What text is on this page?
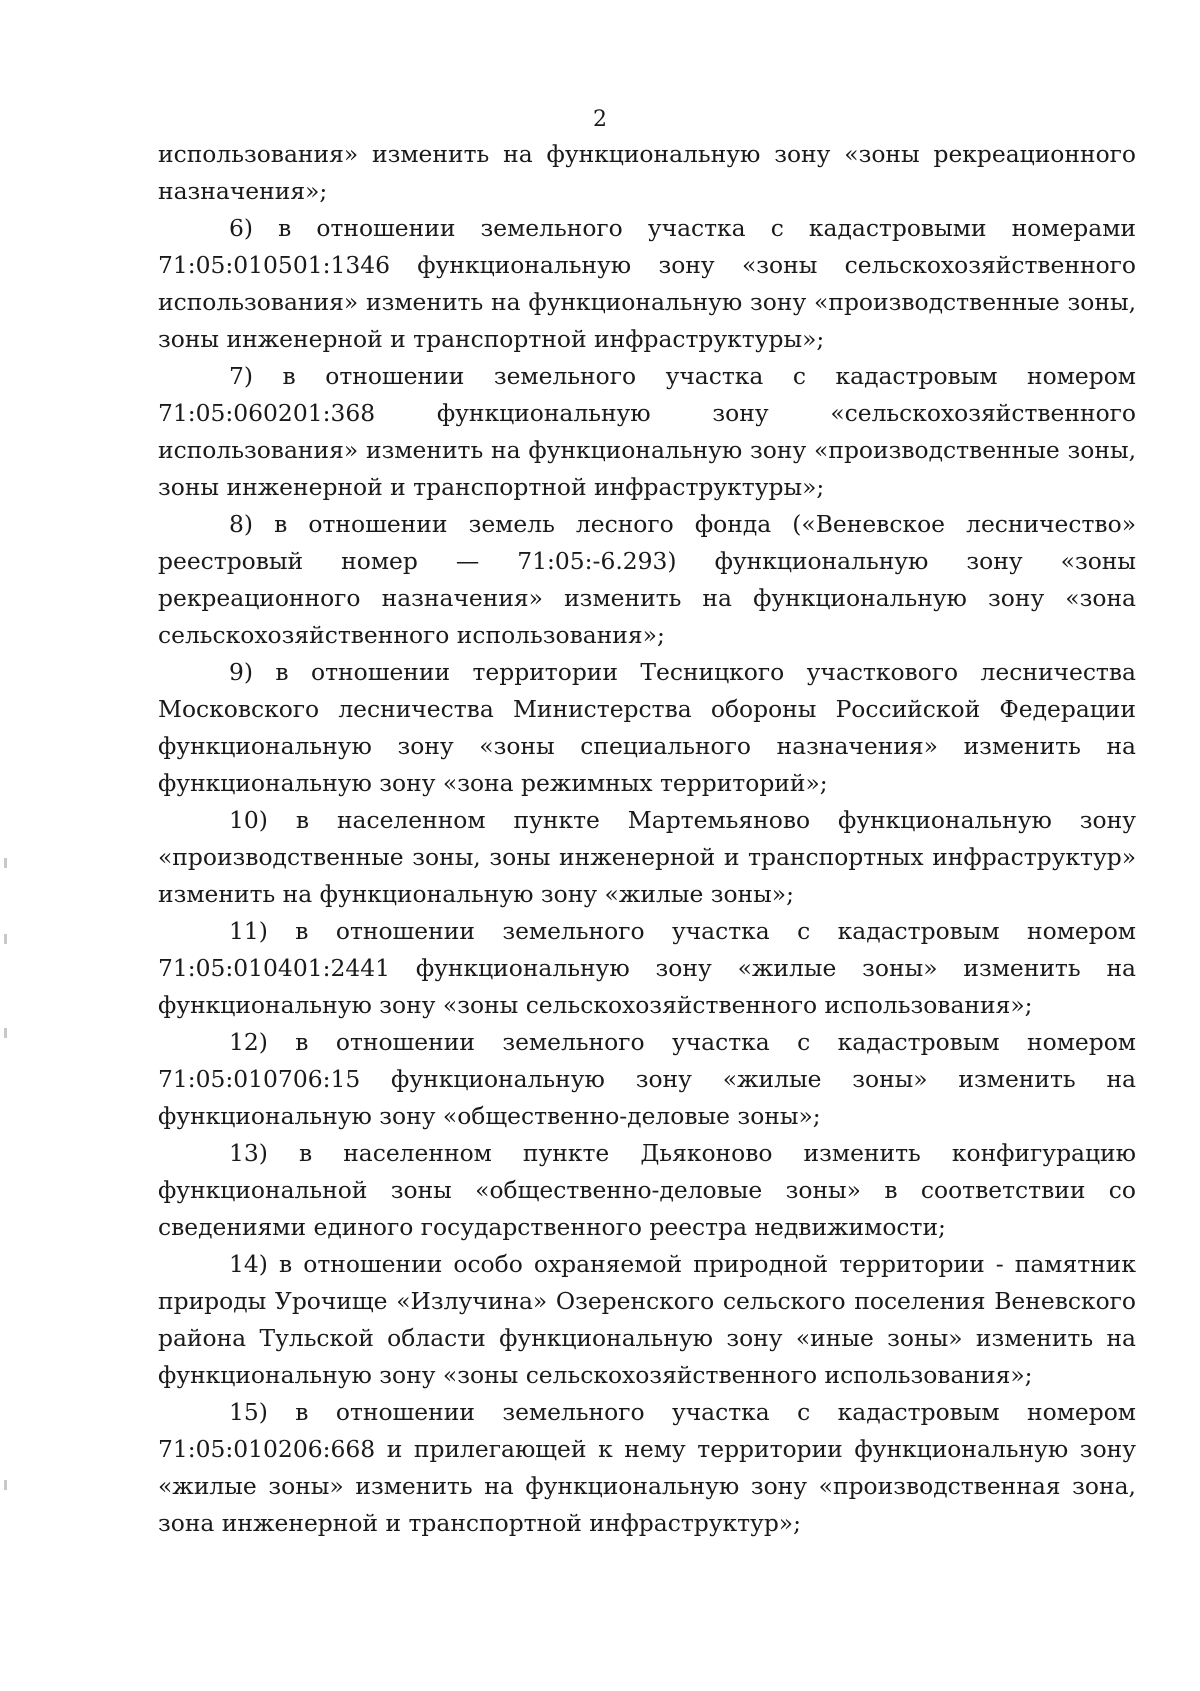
2

использования» изменить на функциональную зону «зоны рекреационного назначения»;

6) в отношении земельного участка с кадастровыми номерами 71:05:010501:1346 функциональную зону «зоны сельскохозяйственного использования» изменить на функциональную зону «производственные зоны, зоны инженерной и транспортной инфраструктуры»;

7) в отношении земельного участка с кадастровым номером 71:05:060201:368 функциональную зону «сельскохозяйственного использования» изменить на функциональную зону «производственные зоны, зоны инженерной и транспортной инфраструктуры»;

8) в отношении земель лесного фонда («Веневское лесничество» реестровый номер — 71:05:-6.293) функциональную зону «зоны рекреационного назначения» изменить на функциональную зону «зона сельскохозяйственного использования»;

9) в отношении территории Тесницкого участкового лесничества Московского лесничества Министерства обороны Российской Федерации функциональную зону «зоны специального назначения» изменить на функциональную зону «зона режимных территорий»;

10) в населенном пункте Мартемьяново функциональную зону «производственные зоны, зоны инженерной и транспортных инфраструктур» изменить на функциональную зону «жилые зоны»;

11) в отношении земельного участка с кадастровым номером 71:05:010401:2441 функциональную зону «жилые зоны» изменить на функциональную зону «зоны сельскохозяйственного использования»;

12) в отношении земельного участка с кадастровым номером 71:05:010706:15 функциональную зону «жилые зоны» изменить на функциональную зону «общественно-деловые зоны»;

13) в населенном пункте Дьяконово изменить конфигурацию функциональной зоны «общественно-деловые зоны» в соответствии со сведениями единого государственного реестра недвижимости;

14) в отношении особо охраняемой природной территории - памятник природы Урочище «Излучина» Озеренского сельского поселения Веневского района Тульской области функциональную зону «иные зоны» изменить на функциональную зону «зоны сельскохозяйственного использования»;

15) в отношении земельного участка с кадастровым номером 71:05:010206:668 и прилегающей к нему территории функциональную зону «жилые зоны» изменить на функциональную зону «производственная зона, зона инженерной и транспортной инфраструктур»;
